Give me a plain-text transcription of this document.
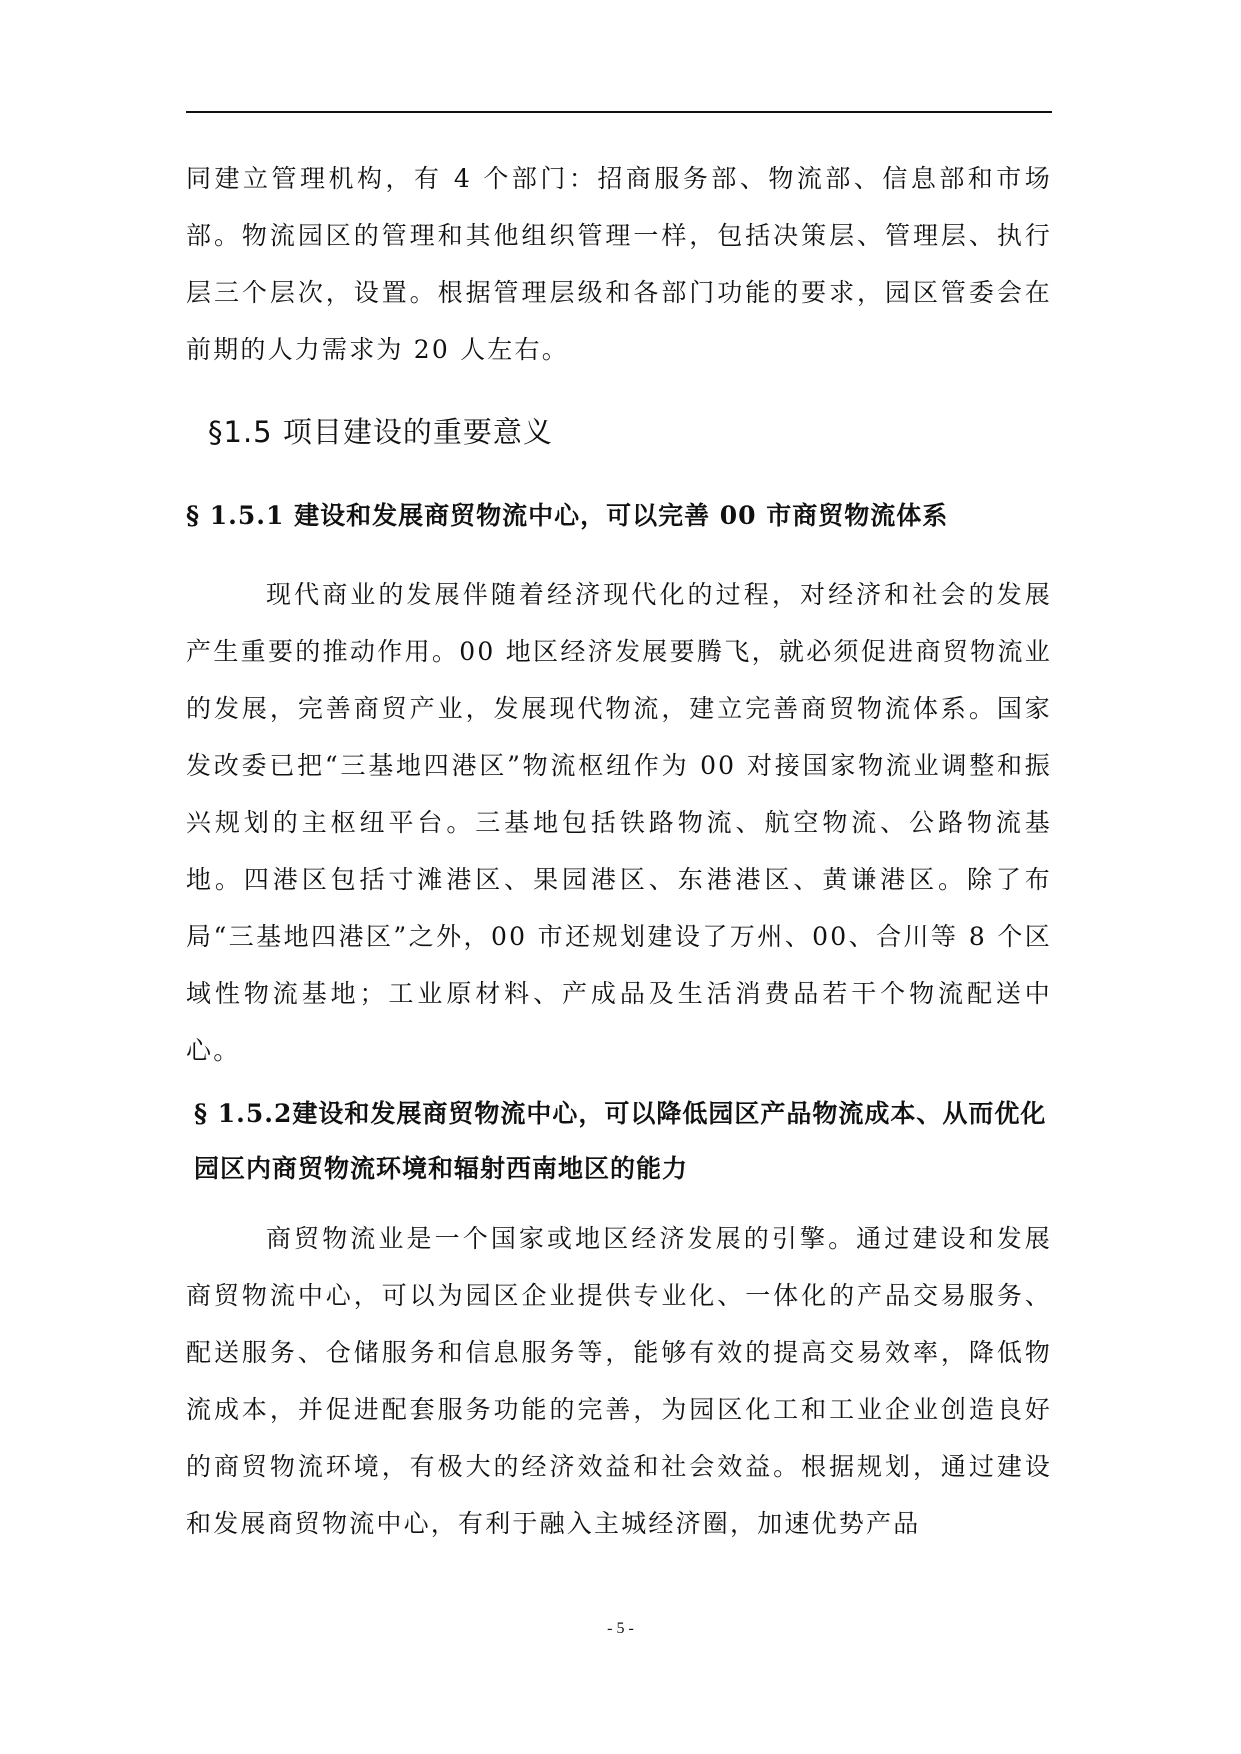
同建立管理机构，有 4 个部门：招商服务部、物流部、信息部和市场部。物流园区的管理和其他组织管理一样，包括决策层、管理层、执行层三个层次，设置。根据管理层级和各部门功能的要求，园区管委会在前期的人力需求为 20 人左右。

§1.5 项目建设的重要意义
§ 1.5.1 建设和发展商贸物流中心，可以完善 00 市商贸物流体系

现代商业的发展伴随着经济现代化的过程，对经济和社会的发展产生重要的推动作用。00 地区经济发展要腾飞，就必须促进商贸物流业的发展，完善商贸产业，发展现代物流，建立完善商贸物流体系。国家发改委已把“三基地四港区”物流枢纽作为 00 对接国家物流业调整和振兴规划的主枢纽平台。三基地包括铁路物流、航空物流、公路物流基地。四港区包括寸滩港区、果园港区、东港港区、黄谦港区。除了布局“三基地四港区”之外，00 市还规划建设了万州、00、合川等 8 个区域性物流基地；工业原材料、产成品及生活消费品若干个物流配送中心。

§ 1.5.2建设和发展商贸物流中心，可以降低园区产品物流成本、从而优化园区内商贸物流环境和辐射西南地区的能力

商贸物流业是一个国家或地区经济发展的引擎。通过建设和发展商贸物流中心，可以为园区企业提供专业化、一体化的产品交易服务、配送服务、仓储服务和信息服务等，能够有效的提高交易效率，降低物流成本，并促进配套服务功能的完善，为园区化工和工业企业创造良好的商贸物流环境，有极大的经济效益和社会效益。根据规划，通过建设和发展商贸物流中心，有利于融入主城经济圈，加速优势产品

- 5 -
